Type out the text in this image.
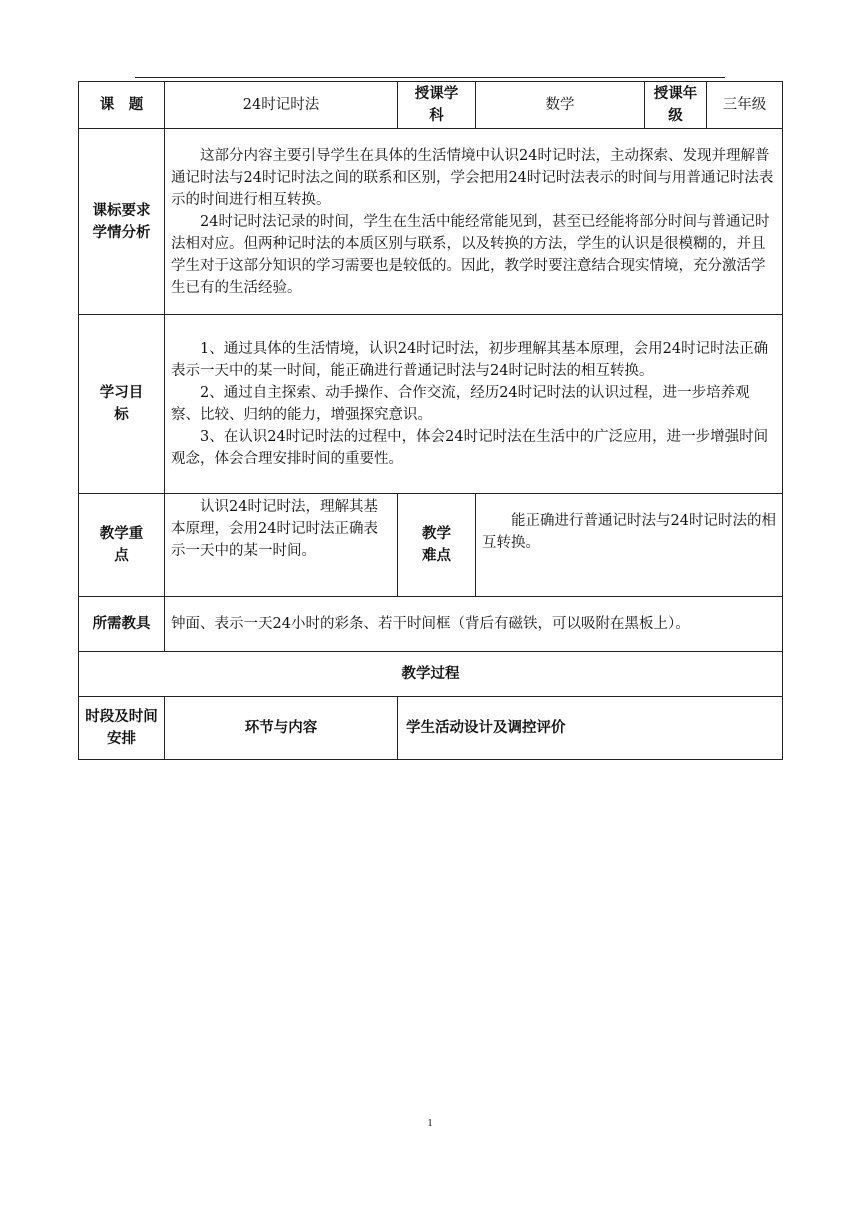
课　题	24时记时法	授课学科	数学	授课年级	三年级
课标要求学情分析	这部分内容主要引导学生在具体的生活情境中认识24时记时法，主动探索、发现并理解普通记时法与24时记时法之间的联系和区别，学会把用24时记时法表示的时间与用普通记时法表示的时间进行相互转换。

24时记时法记录的时间，学生在生活中能经常能见到，甚至已经能将部分时间与普通记时法相对应。但两种记时法的本质区别与联系，以及转换的方法，学生的认识是很模糊的，并且学生对于这部分知识的学习需要也是较低的。因此，教学时要注意结合现实情境，充分激活学生已有的生活经验。				

学习目标	1、通过具体的生活情境，认识24时记时法，初步理解其基本原理，会用24时记时法正确表示一天中的某一时间，能正确进行普通记时法与24时记时法的相互转换。

2、通过自主探索、动手操作、合作交流，经历24时记时法的认识过程，进一步培养观察、比较、归纳的能力，增强探究意识。

3、在认识24时记时法的过程中，体会24时记时法在生活中的广泛应用，进一步增强时间观念，体会合理安排时间的重要性。				

教学重点	认识24时记时法，理解其基本原理，会用24时记时法正确表示一天中的某一时间。	教学难点	能正确进行普通记时法与24时记时法的相互转换。		

所需教具	钟面、表示一天24小时的彩条、若干时间框（背后有磁铁，可以吸附在黑板上）。				
教学过程					
时段及时间安排	环节与内容	学生活动设计及调控评价			
1
